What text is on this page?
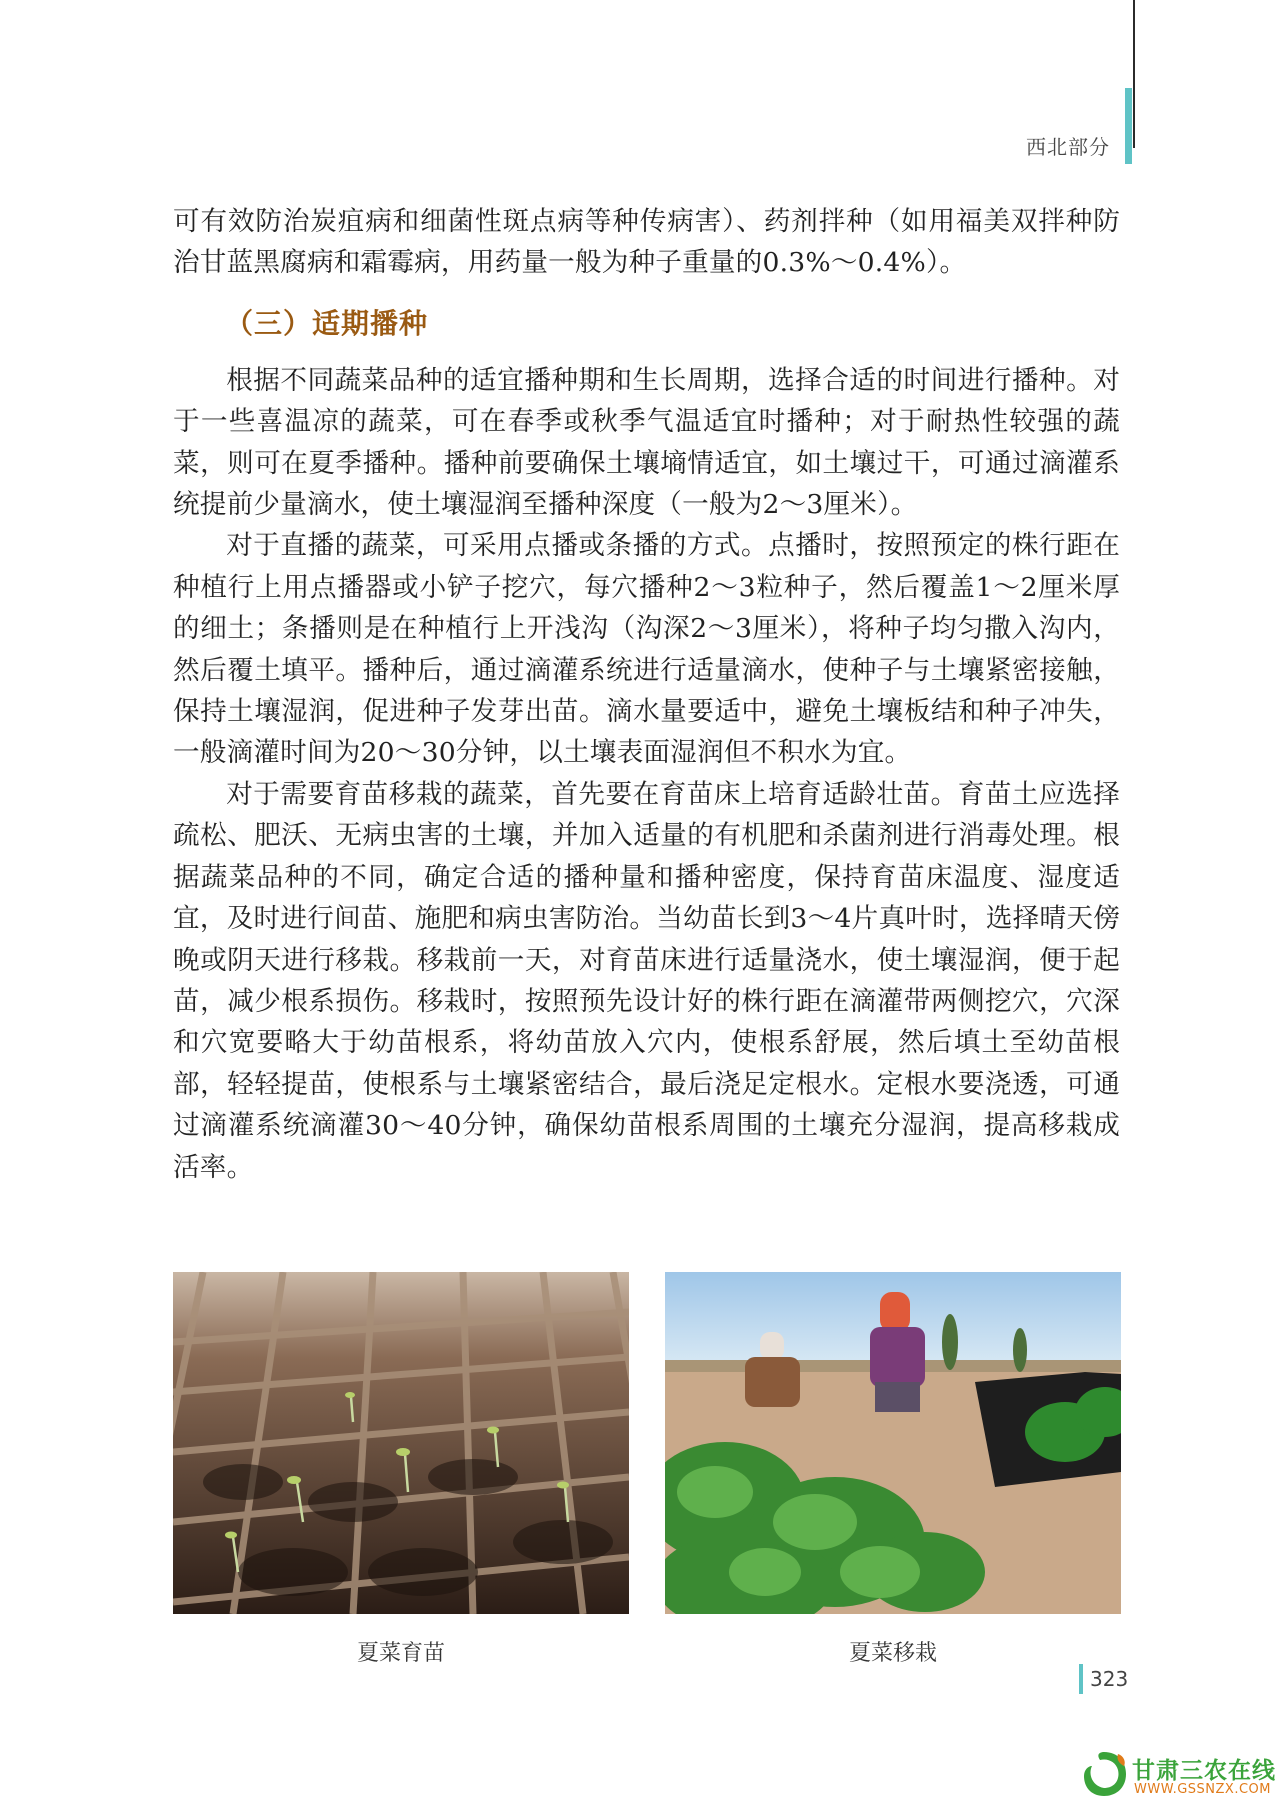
西北部分

可有效防治炭疽病和细菌性斑点病等种传病害）、药剂拌种（如用福美双拌种防治甘蓝黑腐病和霜霉病，用药量一般为种子重量的0.3%～0.4%）。

（三）适期播种

根据不同蔬菜品种的适宜播种期和生长周期，选择合适的时间进行播种。对于一些喜温凉的蔬菜，可在春季或秋季气温适宜时播种；对于耐热性较强的蔬菜，则可在夏季播种。播种前要确保土壤墒情适宜，如土壤过干，可通过滴灌系统提前少量滴水，使土壤湿润至播种深度（一般为2～3厘米）。

对于直播的蔬菜，可采用点播或条播的方式。点播时，按照预定的株行距在种植行上用点播器或小铲子挖穴，每穴播种2～3粒种子，然后覆盖1～2厘米厚的细土；条播则是在种植行上开浅沟（沟深2～3厘米），将种子均匀撒入沟内，然后覆土填平。播种后，通过滴灌系统进行适量滴水，使种子与土壤紧密接触，保持土壤湿润，促进种子发芽出苗。滴水量要适中，避免土壤板结和种子冲失，一般滴灌时间为20～30分钟，以土壤表面湿润但不积水为宜。

对于需要育苗移栽的蔬菜，首先要在育苗床上培育适龄壮苗。育苗土应选择疏松、肥沃、无病虫害的土壤，并加入适量的有机肥和杀菌剂进行消毒处理。根据蔬菜品种的不同，确定合适的播种量和播种密度，保持育苗床温度、湿度适宜，及时进行间苗、施肥和病虫害防治。当幼苗长到3～4片真叶时，选择晴天傍晚或阴天进行移栽。移栽前一天，对育苗床进行适量浇水，使土壤湿润，便于起苗，减少根系损伤。移栽时，按照预先设计好的株行距在滴灌带两侧挖穴，穴深和穴宽要略大于幼苗根系，将幼苗放入穴内，使根系舒展，然后填土至幼苗根部，轻轻提苗，使根系与土壤紧密结合，最后浇足定根水。定根水要浇透，可通过滴灌系统滴灌30～40分钟，确保幼苗根系周围的土壤充分湿润，提高移栽成活率。

夏菜育苗	夏菜移栽
323
农 甘肃三农在线
WWW.GSSNZX.COM
